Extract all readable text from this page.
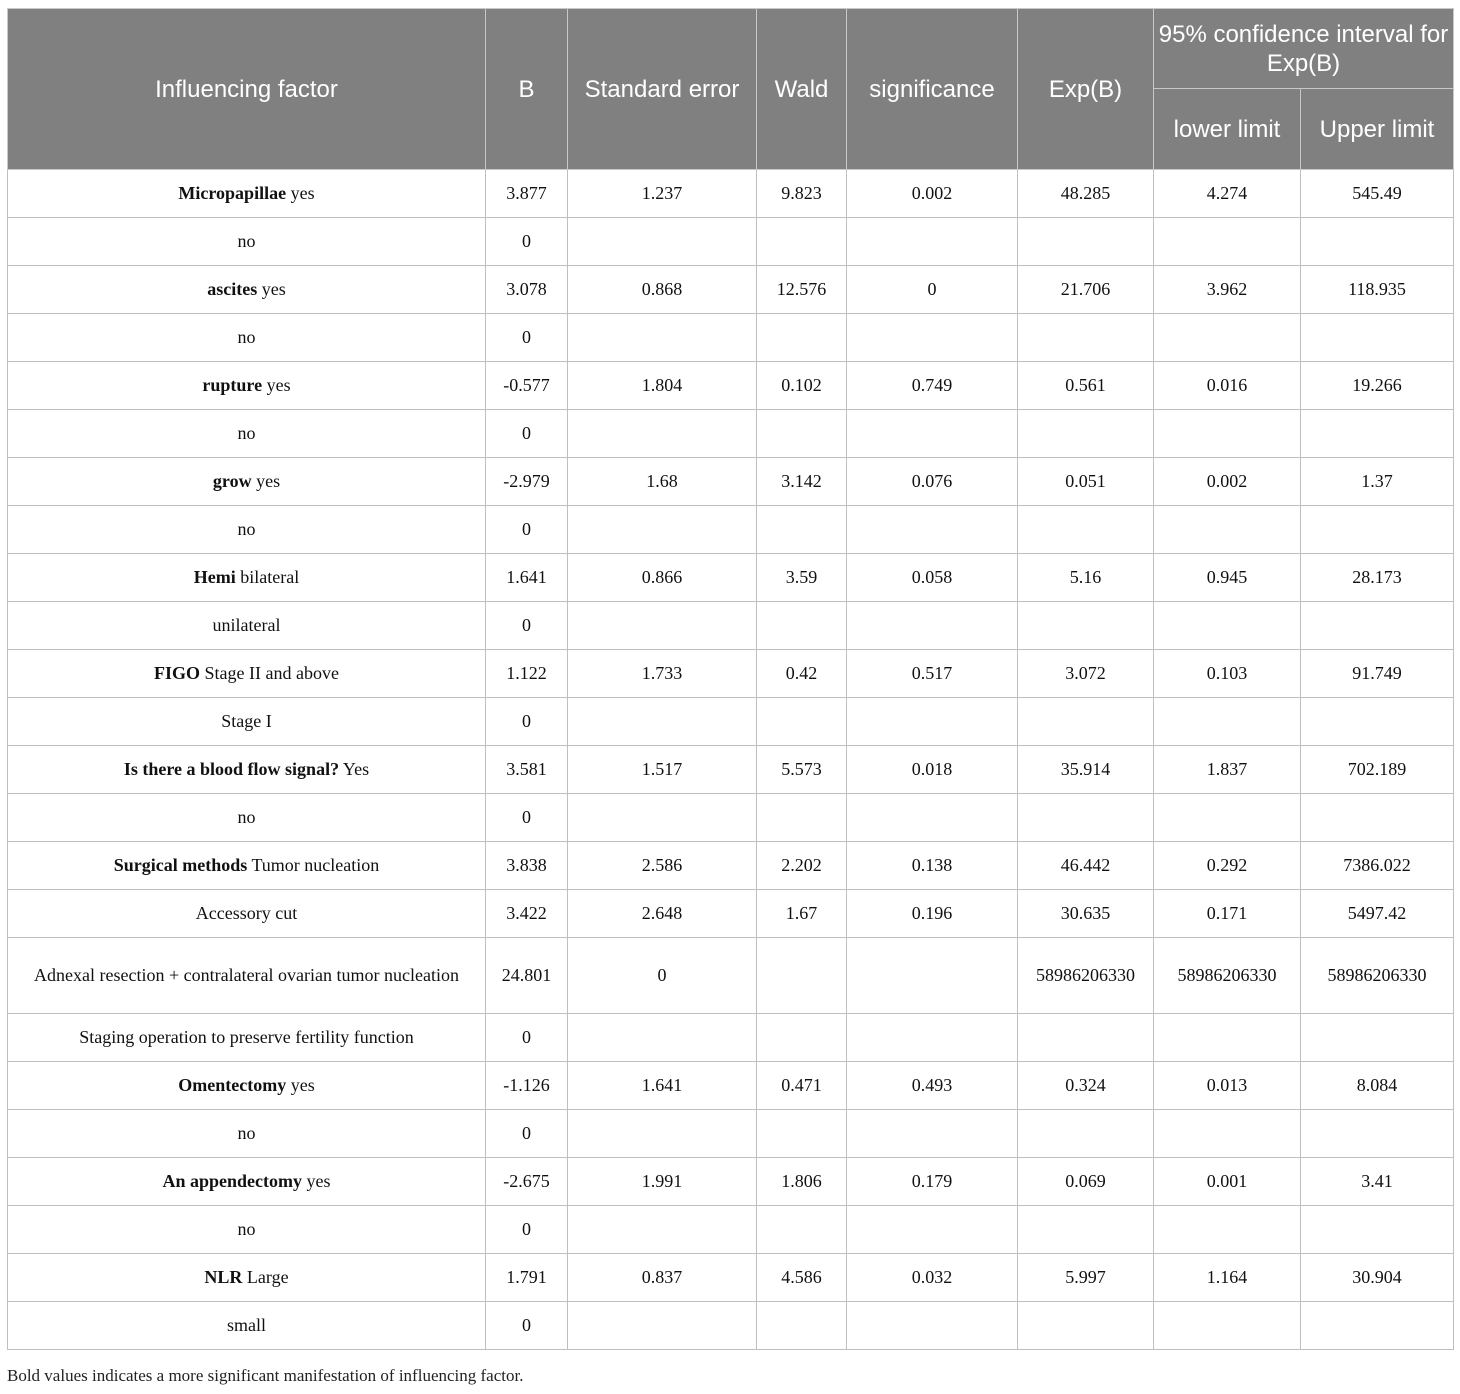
Influencing factor	B	Standard error	Wald	significance	Exp(B)	95% confidence interval for Exp(B)	
						lower limit	Upper limit
Micropapillae yes	3.877	1.237	9.823	0.002	48.285	4.274	545.49
no	0						
ascites yes	3.078	0.868	12.576	0	21.706	3.962	118.935
no	0						
rupture yes	-0.577	1.804	0.102	0.749	0.561	0.016	19.266
no	0						
grow yes	-2.979	1.68	3.142	0.076	0.051	0.002	1.37
no	0						
Hemi bilateral	1.641	0.866	3.59	0.058	5.16	0.945	28.173
unilateral	0						
FIGO Stage II and above	1.122	1.733	0.42	0.517	3.072	0.103	91.749
Stage I	0						
Is there a blood flow signal? Yes	3.581	1.517	5.573	0.018	35.914	1.837	702.189
no	0						
Surgical methods Tumor nucleation	3.838	2.586	2.202	0.138	46.442	0.292	7386.022
Accessory cut	3.422	2.648	1.67	0.196	30.635	0.171	5497.42
Adnexal resection + contralateral ovarian tumor nucleation	24.801	0			58986206330	58986206330	58986206330
Staging operation to preserve fertility function	0						
Omentectomy yes	-1.126	1.641	0.471	0.493	0.324	0.013	8.084
no	0						
An appendectomy yes	-2.675	1.991	1.806	0.179	0.069	0.001	3.41
no	0						
NLR Large	1.791	0.837	4.586	0.032	5.997	1.164	30.904
small	0						
Bold values indicates a more significant manifestation of influencing factor.
